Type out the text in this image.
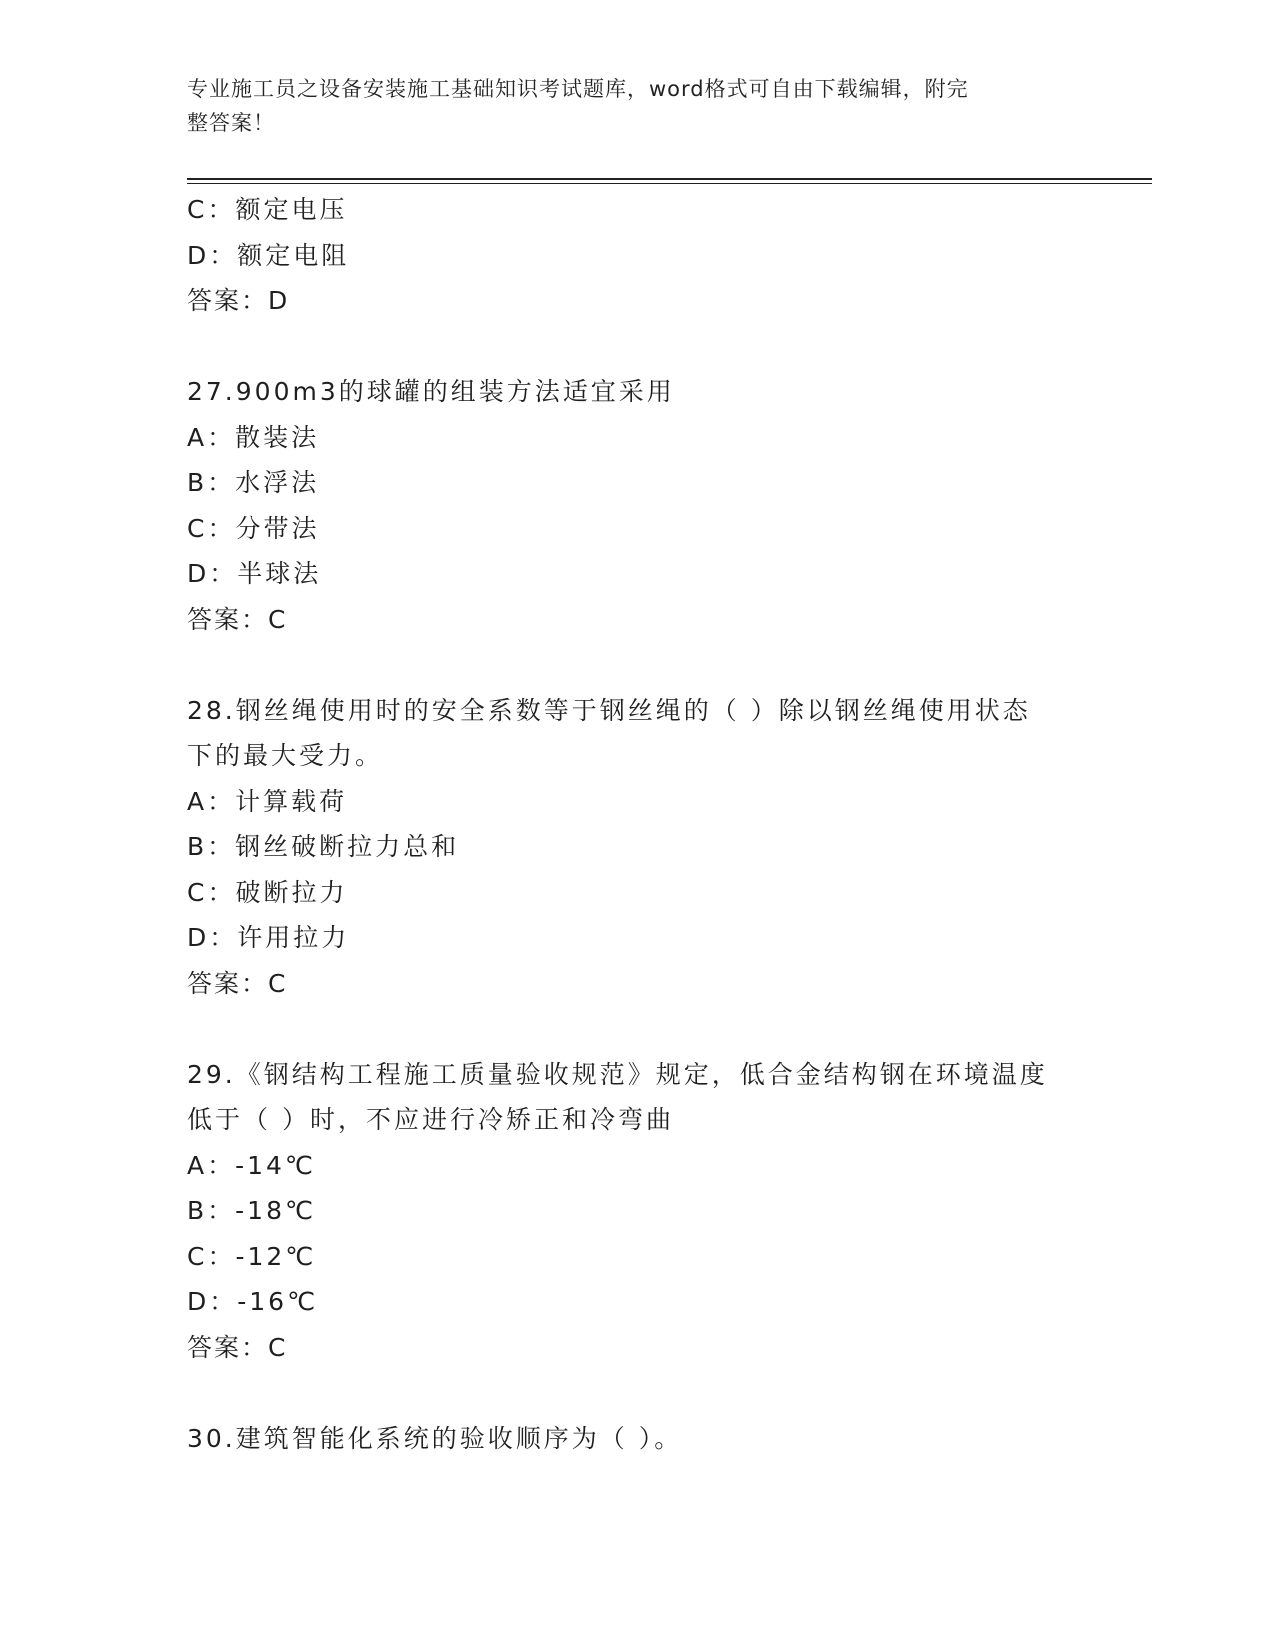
专业施工员之设备安装施工基础知识考试题库，word格式可自由下载编辑，附完
整答案！
C：额定电压
D：额定电阻
答案：D
27.900m3的球罐的组装方法适宜采用
A：散装法
B：水浮法
C：分带法
D：半球法
答案：C
28.钢丝绳使用时的安全系数等于钢丝绳的（ ）除以钢丝绳使用状态
下的最大受力。
A：计算载荷
B：钢丝破断拉力总和
C：破断拉力
D：许用拉力
答案：C
29.《钢结构工程施工质量验收规范》规定，低合金结构钢在环境温度
低于（ ）时，不应进行冷矫正和冷弯曲
A：-14℃
B：-18℃
C：-12℃
D：-16℃
答案：C
30.建筑智能化系统的验收顺序为（ ）。
